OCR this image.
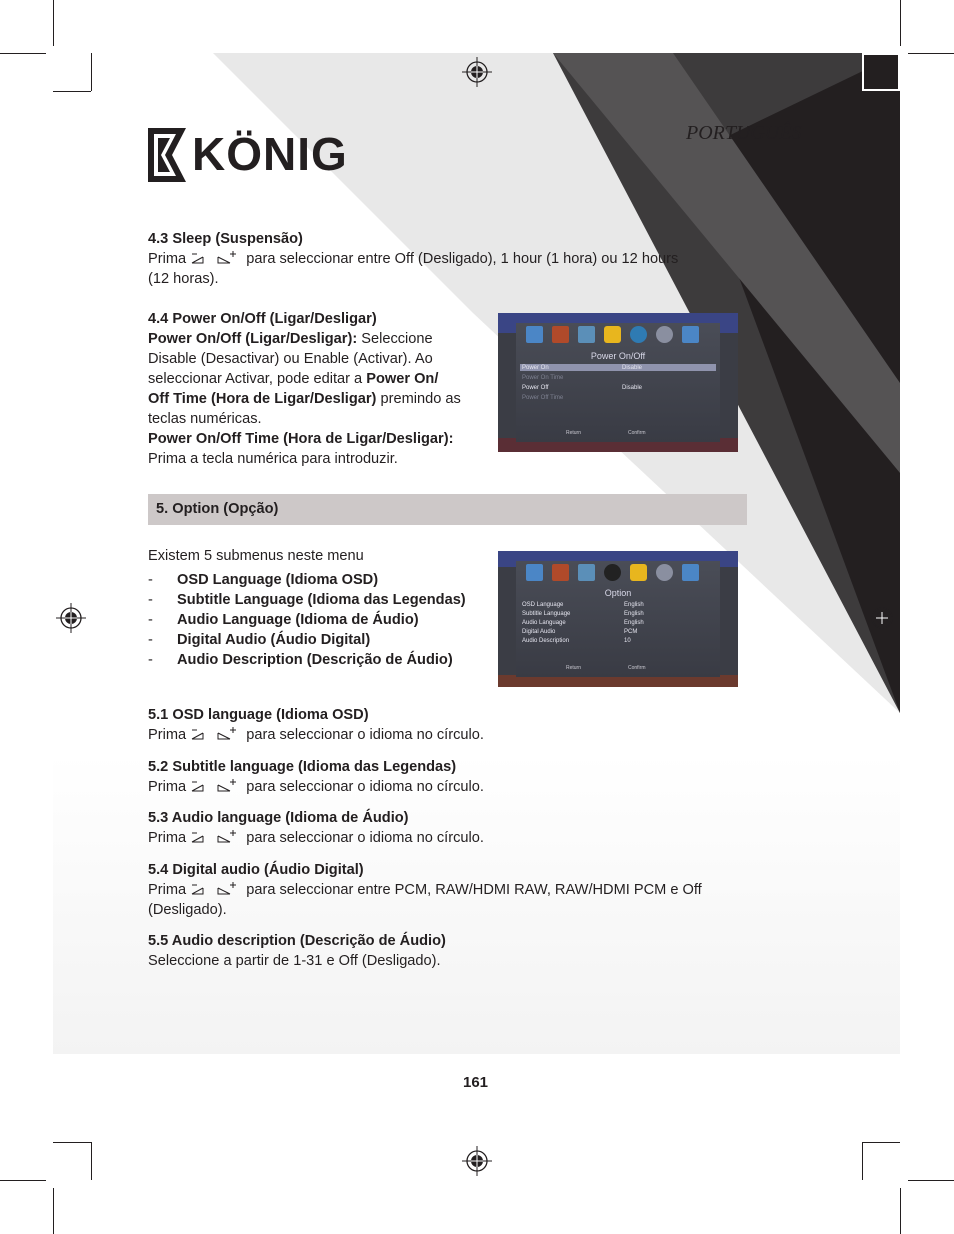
KÖNIG	PORTUGUÊS
4.3 Sleep (Suspensão)
Prima	para seleccionar entre Off (Desligado), 1 hour (1 hora) ou 12 hours
(12 horas).
4.4 Power On/Off (Ligar/Desligar)
Power On/Off (Ligar/Desligar): Seleccione
Disable (Desactivar) ou Enable (Activar). Ao
seleccionar Activar, pode editar a Power On/
Off Time (Hora de Ligar/Desligar) premindo as
teclas numéricas.
Power On/Off Time (Hora de Ligar/Desligar):
Prima a tecla numérica para introduzir.
Power On/Off
Power On	Disable
Power On Time
Power Off	Disable
Power Off Time
Return	Confirm
5. Option (Opção)
Existem 5 submenus neste menu
- OSD Language (Idioma OSD)
- Subtitle Language (Idioma das Legendas)
- Audio Language (Idioma de Áudio)
- Digital Audio (Áudio Digital)
- Audio Description (Descrição de Áudio)
Option
OSD Language	English
Subtitle Language	English
Audio Language	English
Digital Audio	PCM
Audio Description	10
Return	Confirm
5.1 OSD language (Idioma OSD)
Prima	para seleccionar o idioma no círculo.
5.2 Subtitle language (Idioma das Legendas)
Prima	para seleccionar o idioma no círculo.
5.3 Audio language (Idioma de Áudio)
Prima	para seleccionar o idioma no círculo.
5.4 Digital audio (Áudio Digital)
Prima	para seleccionar entre PCM, RAW/HDMI RAW, RAW/HDMI PCM e Off
(Desligado).
5.5 Audio description (Descrição de Áudio)
Seleccione a partir de 1-31 e Off (Desligado).
161
